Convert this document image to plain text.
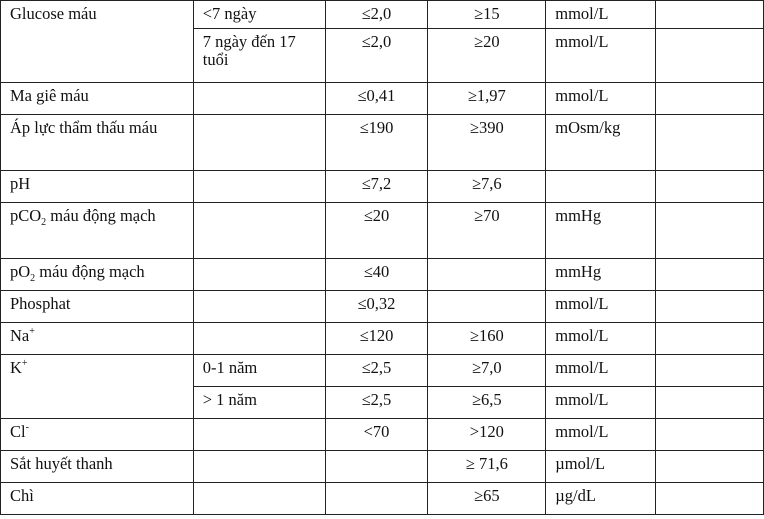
Glucose máu	<7 ngày	≤2,0	≥15	mmol/L	
	7 ngày đến 17 tuổi	≤2,0	≥20	mmol/L	
Ma giê máu		≤0,41	≥1,97	mmol/L	
Áp lực thẩm thấu máu		≤190	≥390	mOsm/kg	
pH		≤7,2	≥7,6		
pCO$_2$ máu động mạch		≤20	≥70	mmHg	
$pO_2$ máu động mạch		≤40		mmHg	
Phosphat		≤0,32		mmol/L	
Na+		≤120	≥160	mmol/L	
K+	0-1 năm	≤2,5	≥7,0	mmol/L	
	> 1 năm	≤2,5	≥6,5	mmol/L	
Cl-		<70	>120	mmol/L	
Sắt huyết thanh			≥ 71,6	µmol/L	
Chì			≥65	µg/dL	
